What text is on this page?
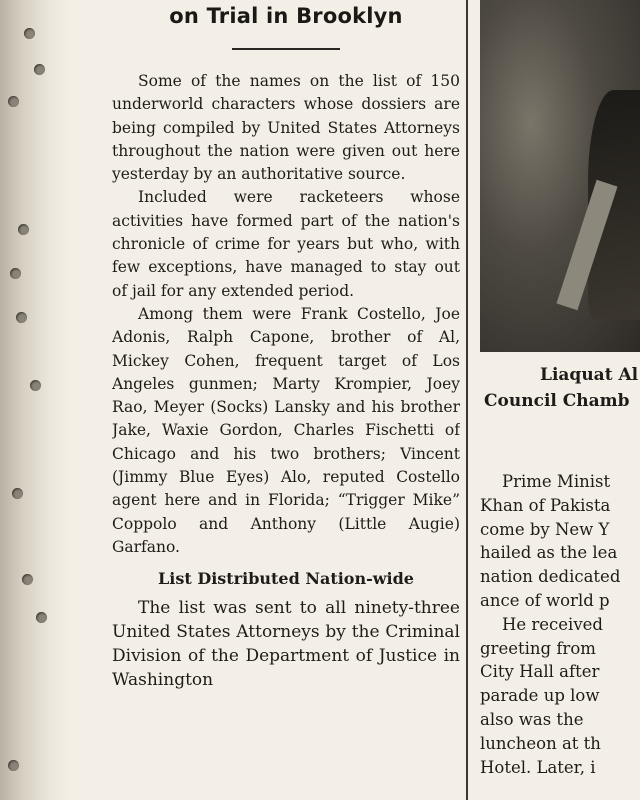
on Trial in Brooklyn

Some of the names on the list of 150 underworld characters whose dossiers are being compiled by United States Attorneys throughout the nation were given out here yesterday by an authoritative source.

Included were racketeers whose activities have formed part of the nation's chronicle of crime for years but who, with few exceptions, have managed to stay out of jail for any extended period.

Among them were Frank Costello, Joe Adonis, Ralph Capone, brother of Al, Mickey Cohen, frequent target of Los Angeles gunmen; Marty Krompier, Joey Rao, Meyer (Socks) Lansky and his brother Jake, Waxie Gordon, Charles Fischetti of Chicago and his two brothers; Vincent (Jimmy Blue Eyes) Alo, reputed Costello agent here and in Florida; “Trigger Mike” Coppolo and Anthony (Little Augie) Garfano.

List Distributed Nation-wide

The list was sent to all ninety-three United States Attorneys by the Criminal Division of the Department of Justice in Washington

Liaquat Al
Council Chamb
Prime Minist
Khan of Pakista
come by New Y
hailed as the lea
nation dedicated
ance of world p
He received
greeting from
City Hall after
parade up low
also was the
luncheon at th
Hotel. Later, i
